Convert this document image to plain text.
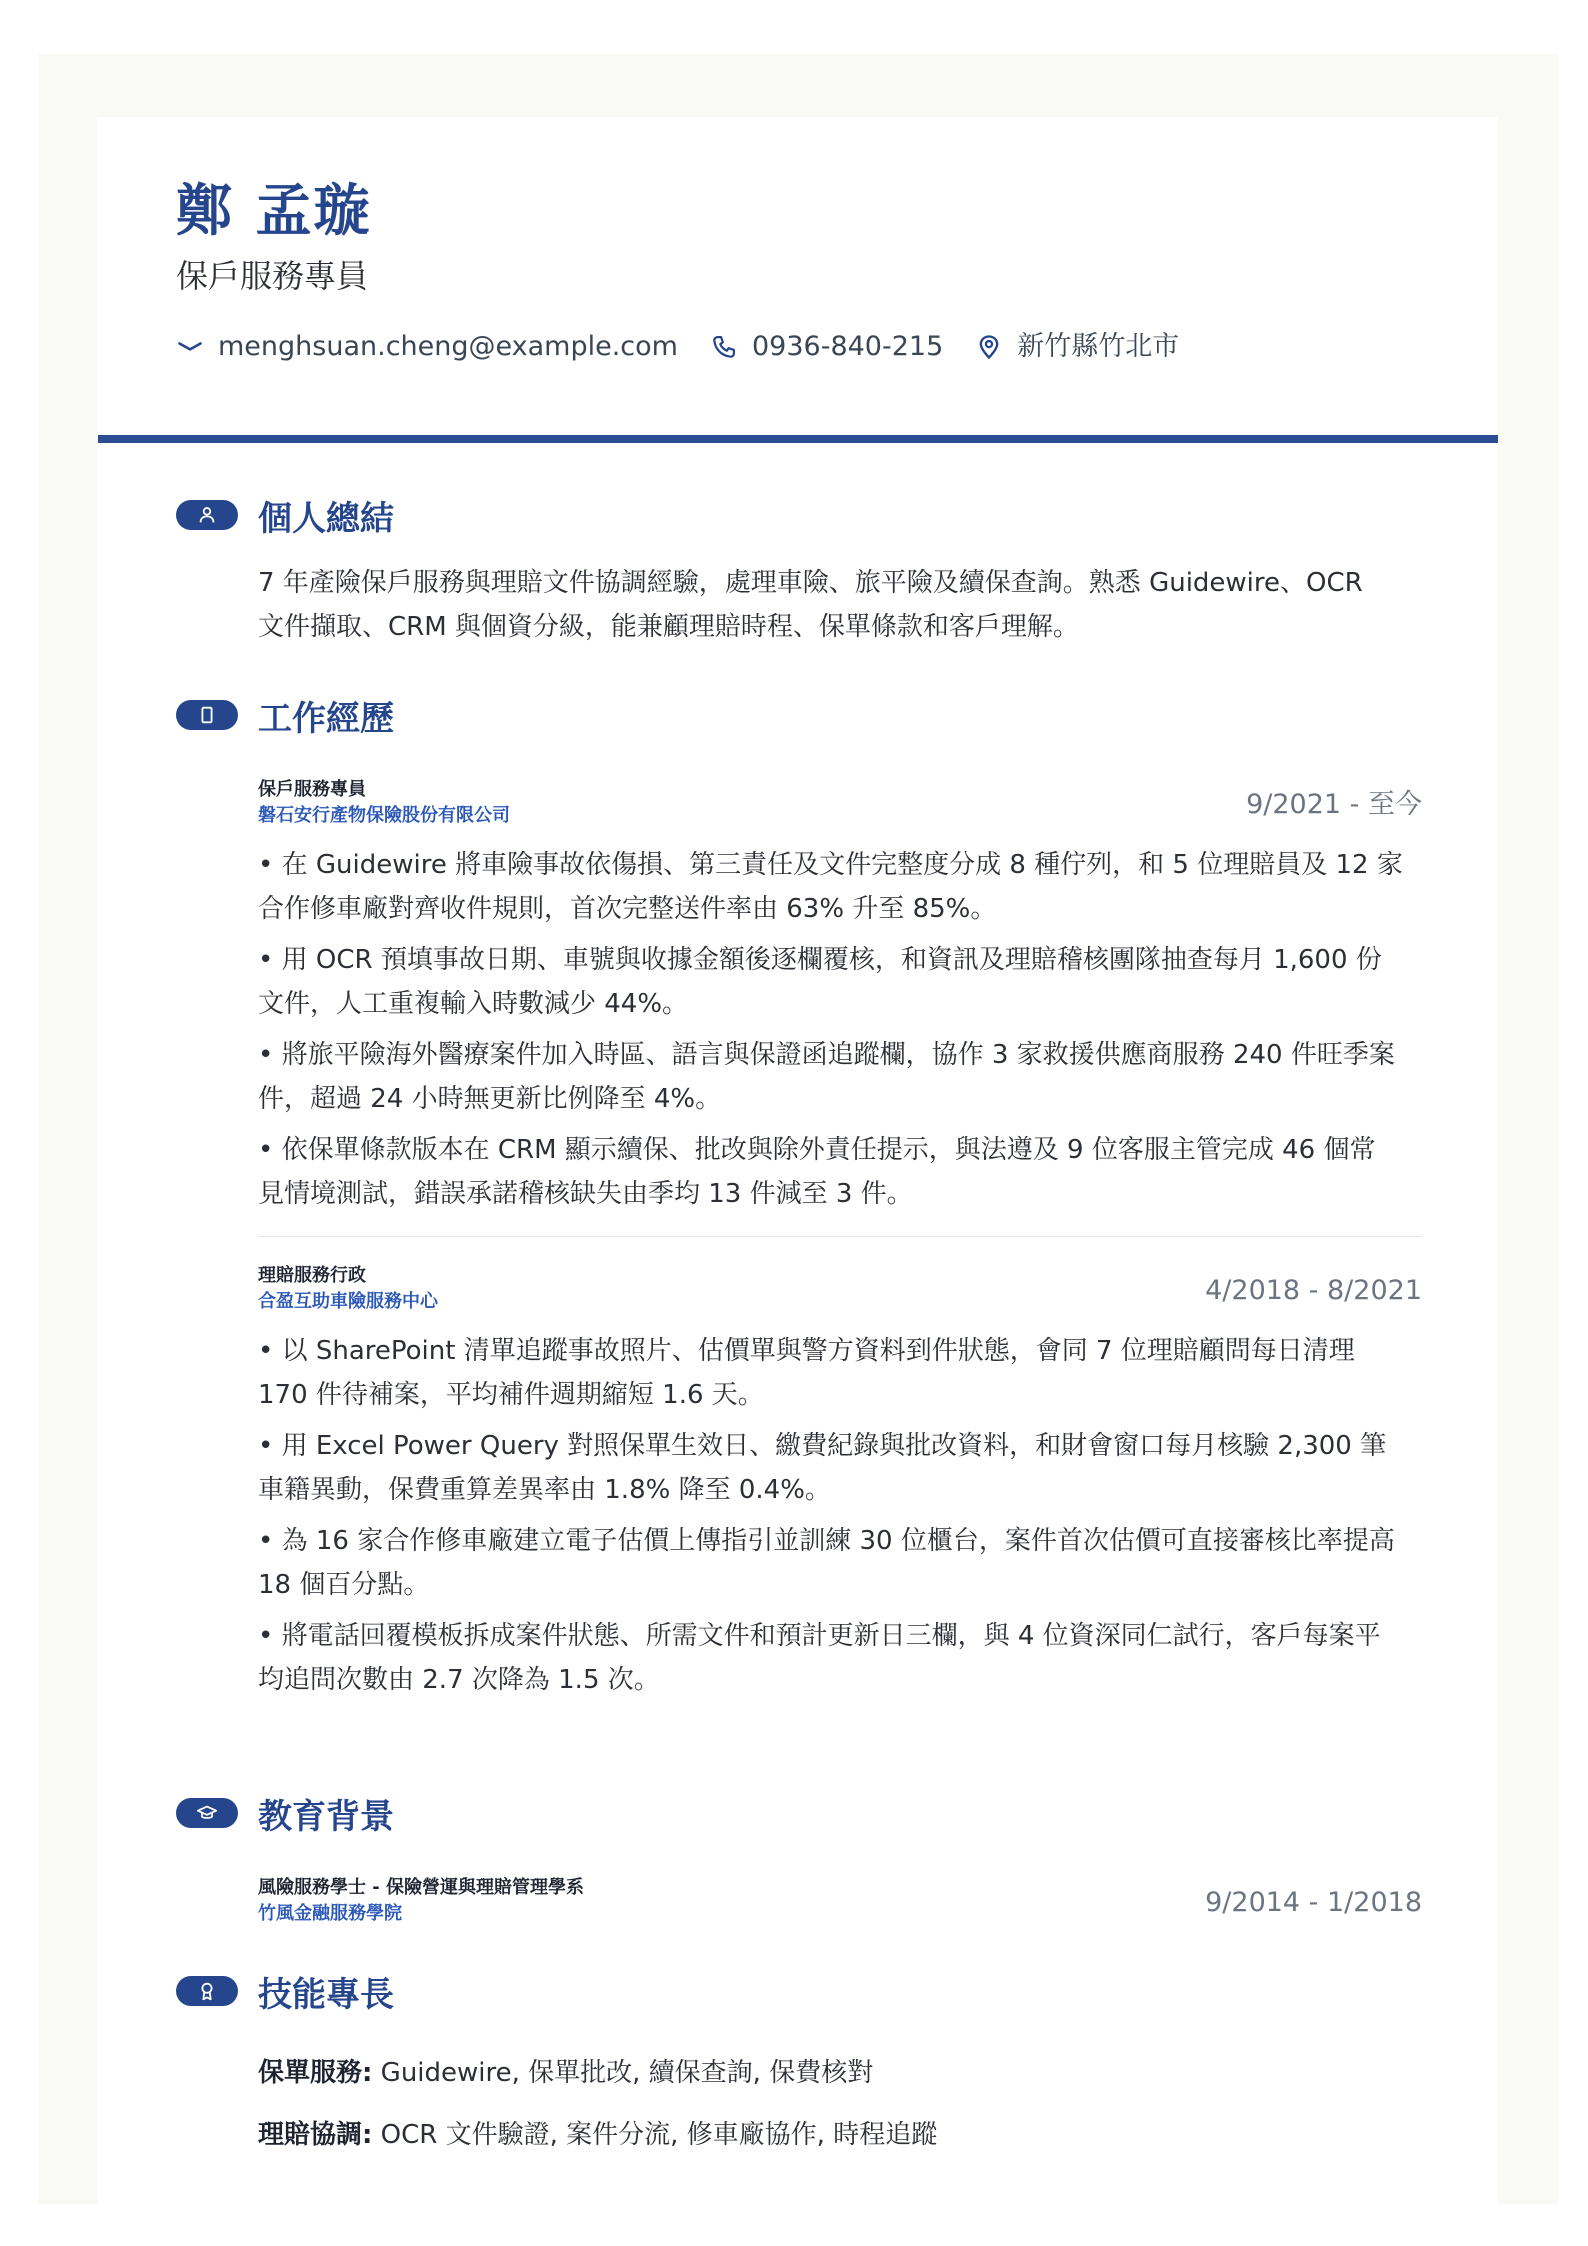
鄭 孟璇
保戶服務專員
menghsuan.cheng@example.com	0936-840-215	新竹縣竹北市
個人總結
7 年產險保戶服務與理賠文件協調經驗，處理車險、旅平險及續保查詢。熟悉 Guidewire、OCR
文件擷取、CRM 與個資分級，能兼顧理賠時程、保單條款和客戶理解。
工作經歷
保戶服務專員
磐石安行產物保險股份有限公司	9/2021 - 至今
• 在 Guidewire 將車險事故依傷損、第三責任及文件完整度分成 8 種佇列，和 5 位理賠員及 12 家
合作修車廠對齊收件規則，首次完整送件率由 63% 升至 85%。
• 用 OCR 預填事故日期、車號與收據金額後逐欄覆核，和資訊及理賠稽核團隊抽查每月 1,600 份
文件，人工重複輸入時數減少 44%。
• 將旅平險海外醫療案件加入時區、語言與保證函追蹤欄，協作 3 家救援供應商服務 240 件旺季案
件，超過 24 小時無更新比例降至 4%。
• 依保單條款版本在 CRM 顯示續保、批改與除外責任提示，與法遵及 9 位客服主管完成 46 個常
見情境測試，錯誤承諾稽核缺失由季均 13 件減至 3 件。
理賠服務行政
合盈互助車險服務中心	4/2018 - 8/2021
• 以 SharePoint 清單追蹤事故照片、估價單與警方資料到件狀態，會同 7 位理賠顧問每日清理
170 件待補案，平均補件週期縮短 1.6 天。
• 用 Excel Power Query 對照保單生效日、繳費紀錄與批改資料，和財會窗口每月核驗 2,300 筆
車籍異動，保費重算差異率由 1.8% 降至 0.4%。
• 為 16 家合作修車廠建立電子估價上傳指引並訓練 30 位櫃台，案件首次估價可直接審核比率提高
18 個百分點。
• 將電話回覆模板拆成案件狀態、所需文件和預計更新日三欄，與 4 位資深同仁試行，客戶每案平
均追問次數由 2.7 次降為 1.5 次。
教育背景
風險服務學士 - 保險營運與理賠管理學系
竹風金融服務學院	9/2014 - 1/2018
技能專長
保單服務: Guidewire, 保單批改, 續保查詢, 保費核對
理賠協調: OCR 文件驗證, 案件分流, 修車廠協作, 時程追蹤
